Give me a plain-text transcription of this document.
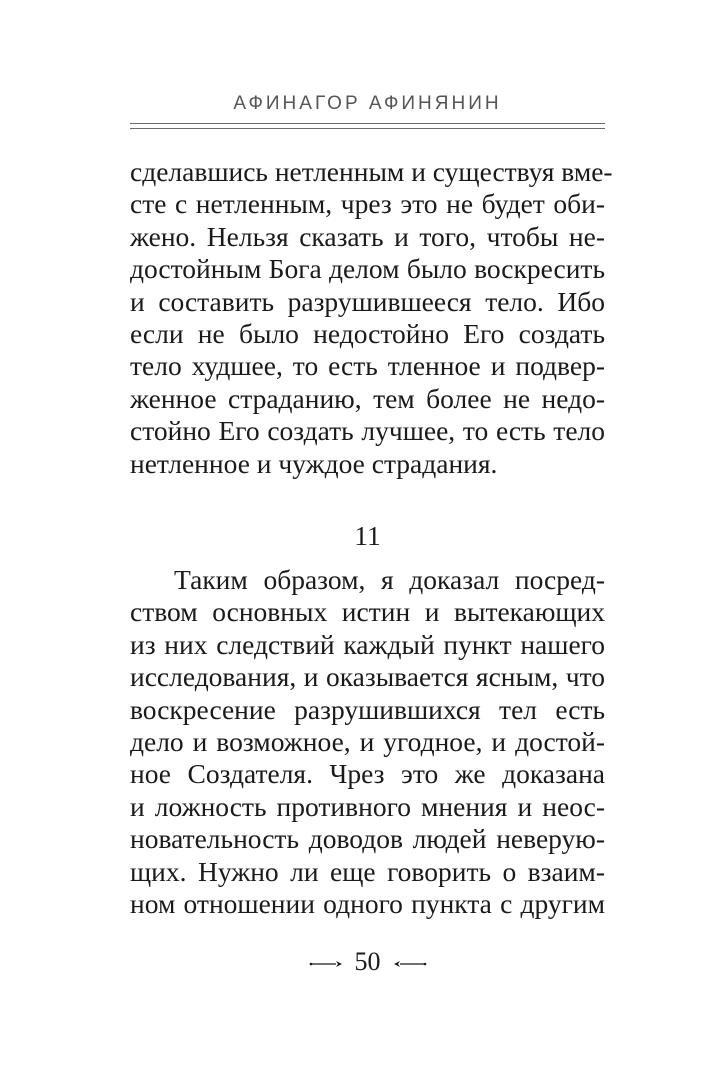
АФИНАГОР АФИНЯНИН
сделавшись нетленным и существуя вме-
сте с нетленным, чрез это не будет оби-
жено. Нельзя сказать и того, чтобы не-
достойным Бога делом было воскресить
и составить разрушившееся тело. Ибо
если не было недостойно Его создать
тело худшее, то есть тленное и подвер-
женное страданию, тем более не недо-
стойно Его создать лучшее, то есть тело
нетленное и чуждое страдания.
11
Таким образом, я доказал посред-
ством основных истин и вытекающих
из них следствий каждый пункт нашего
исследования, и оказывается ясным, что
воскресение разрушившихся тел есть
дело и возможное, и угодное, и достой-
ное Создателя. Чрез это же доказана
и ложность противного мнения и неос-
новательность доводов людей неверую-
щих. Нужно ли еще говорить о взаим-
ном отношении одного пункта с другим
50
